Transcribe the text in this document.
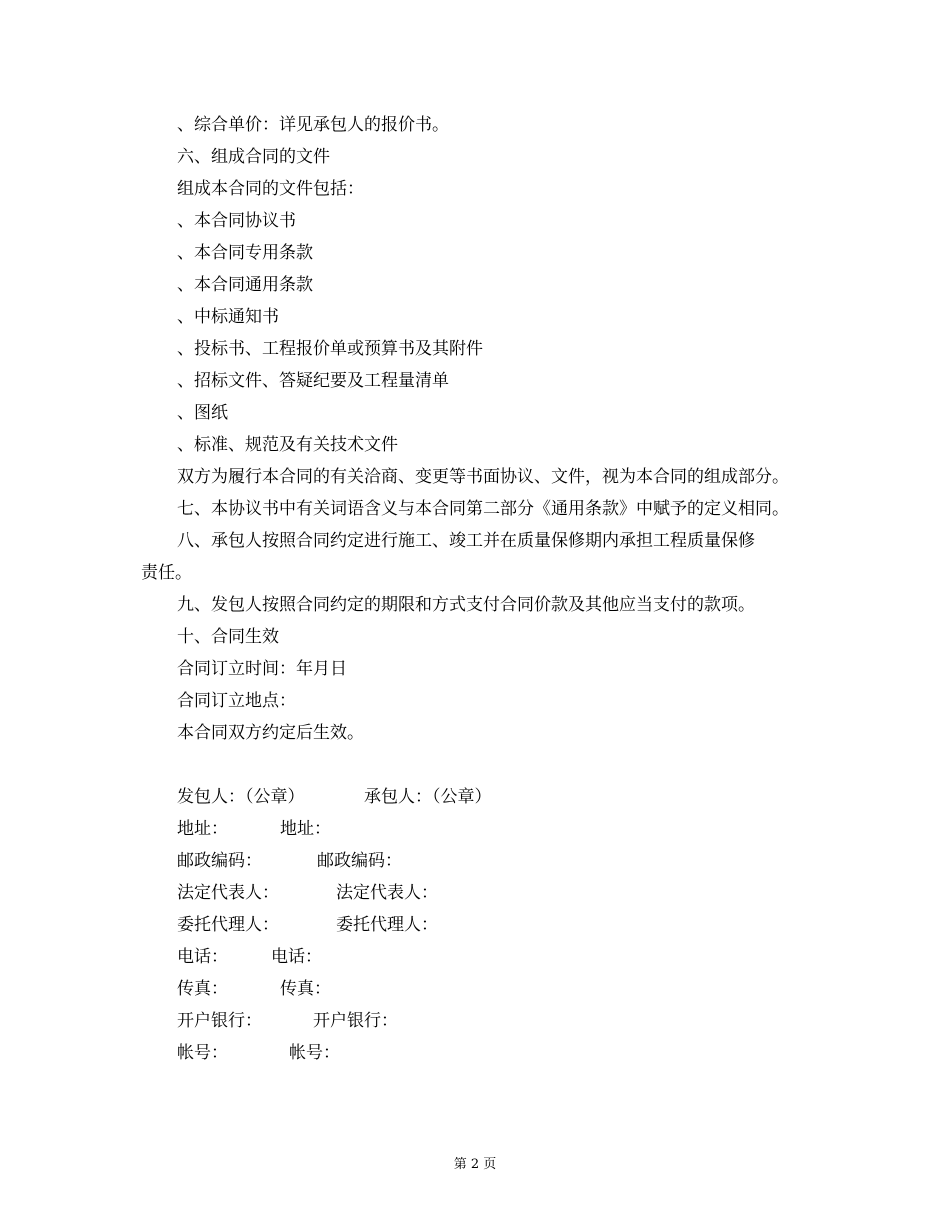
、综合单价：详见承包人的报价书。
六、组成合同的文件
组成本合同的文件包括：
、本合同协议书
、本合同专用条款
、本合同通用条款
、中标通知书
、投标书、工程报价单或预算书及其附件
、招标文件、答疑纪要及工程量清单
、图纸
、标准、规范及有关技术文件
双方为履行本合同的有关洽商、变更等书面协议、文件，视为本合同的组成部分。
七、本协议书中有关词语含义与本合同第二部分《通用条款》中赋予的定义相同。
八、承包人按照合同约定进行施工、竣工并在质量保修期内承担工程质量保修
责任。
九、发包人按照合同约定的期限和方式支付合同价款及其他应当支付的款项。
十、合同生效
合同订立时间：年月日
合同订立地点：
本合同双方约定后生效。
发包人：（公章）	承包人：（公章）
地址：	地址：
邮政编码：	邮政编码：
法定代表人：	法定代表人：
委托代理人：	委托代理人：
电话：	电话：
传真：	传真：
开户银行：	开户银行：
帐号：	帐号：
第 2 页
